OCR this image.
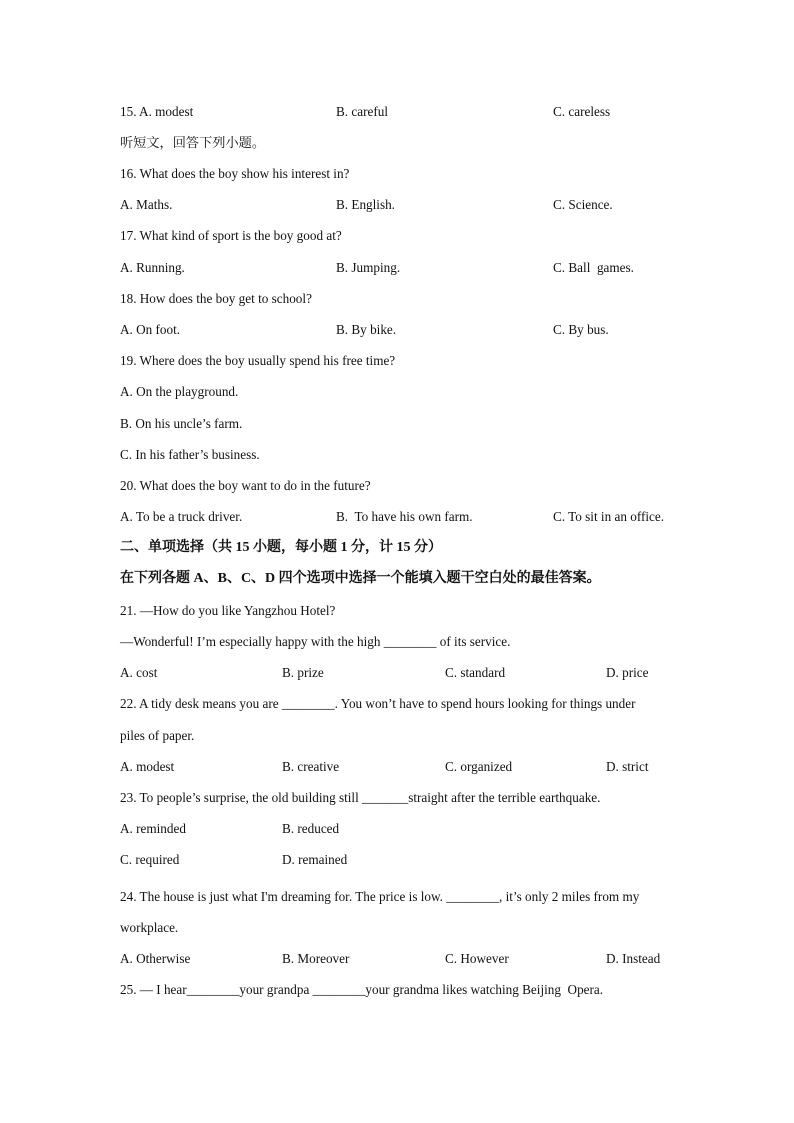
15. A. modest	B. careful	C. careless
听短文，回答下列小题。
16. What does the boy show his interest in?
A. Maths.	B. English.	C. Science.
17. What kind of sport is the boy good at?
A. Running.	B. Jumping.	C. Ball  games.
18. How does the boy get to school?
A. On foot.	B. By bike.	C. By bus.
19. Where does the boy usually spend his free time?
A. On the playground.
B. On his uncle’s farm.
C. In his father’s business.
20. What does the boy want to do in the future?
A. To be a truck driver.	B.  To have his own farm.	C. To sit in an office.
二、单项选择（共 15 小题，每小题 1 分，计 15 分）
在下列各题 A、B、C、D 四个选项中选择一个能填入题干空白处的最佳答案。
21. —How do you like Yangzhou Hotel?
—Wonderful! I’m especially happy with the high ________ of its service.
A. cost	B. prize	C. standard	D. price
22. A tidy desk means you are ________. You won’t have to spend hours looking for things under
piles of paper.
A. modest	B. creative	C. organized	D. strict
23. To people’s surprise, the old building still _______straight after the terrible earthquake.
A. reminded	B. reduced
C. required	D. remained
24. The house is just what I'm dreaming for. The price is low. ________, it’s only 2 miles from my
workplace.
A. Otherwise	B. Moreover	C. However	D. Instead
25. — I hear________your grandpa ________your grandma likes watching Beijing  Opera.
